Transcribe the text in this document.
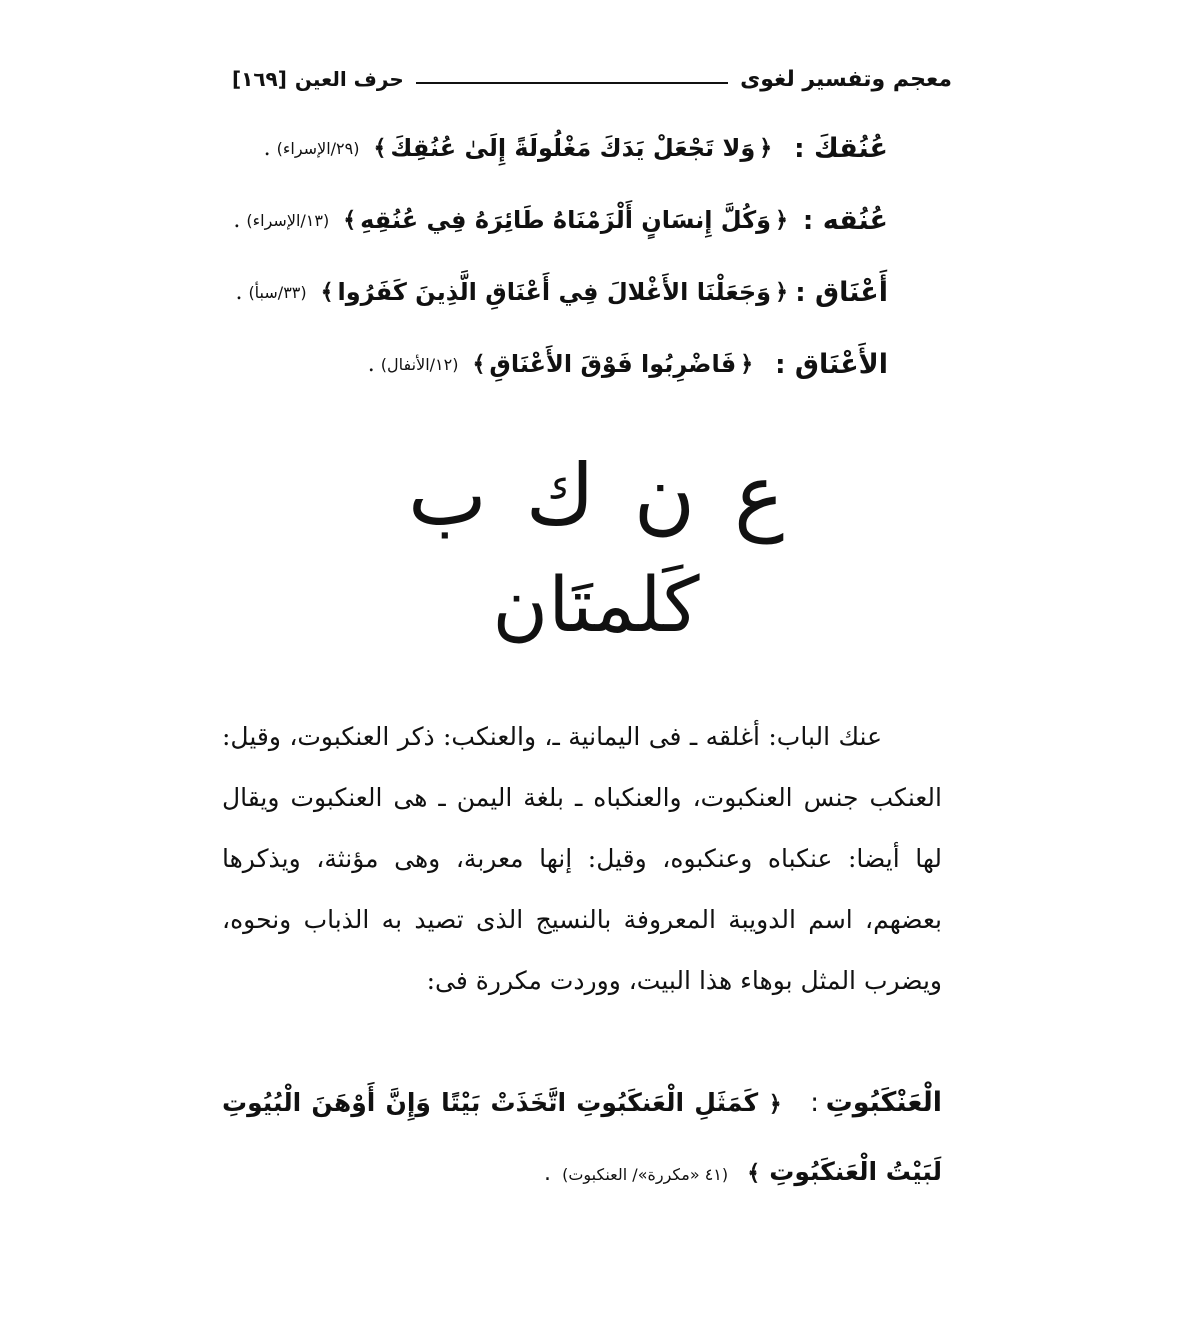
معجم وتفسير لغوى
حرف العين
[١٦٩]
عُنُقكَ :
﴿
وَلا تَجْعَلْ يَدَكَ مَغْلُولَةً إِلَىٰ عُنُقِكَ
﴾
(٢٩/الإسراء)
.
عُنُقه :
﴿
وَكُلَّ إِنسَانٍ أَلْزَمْنَاهُ طَائِرَهُ فِي عُنُقِهِ
﴾
(١٣/الإسراء)
.
أَعْنَاق :
﴿
وَجَعَلْنَا الأَغْلالَ فِي أَعْنَاقِ الَّذِينَ كَفَرُوا
﴾
(٣٣/سبأ)
.
الأَعْنَاق :
﴿
فَاضْرِبُوا فَوْقَ الأَعْنَاقِ
﴾
(١٢/الأنفال)
.
ع ن ك ب
كَلمتَان
عنك الباب: أغلقه ـ فى اليمانية ـ، والعنكب: ذكر العنكبوت، وقيل: العنكب جنس العنكبوت، والعنكباه ـ بلغة اليمن ـ هى العنكبوت ويقال لها أيضا: عنكباه وعنكبوه، وقيل: إنها معربة، وهى مؤنثة، ويذكرها بعضهم، اسم الدويبة المعروفة بالنسيج الذى تصيد به الذباب ونحوه، ويضرب المثل بوهاء هذا البيت، ووردت مكررة فى:
الْعَنْكَبُوتِ : ﴿ كَمَثَلِ الْعَنكَبُوتِ اتَّخَذَتْ بَيْتًا وَإِنَّ أَوْهَنَ الْبُيُوتِ لَبَيْتُ الْعَنكَبُوتِ ﴾ (٤١ «مكررة»/ العنكبوت) .
